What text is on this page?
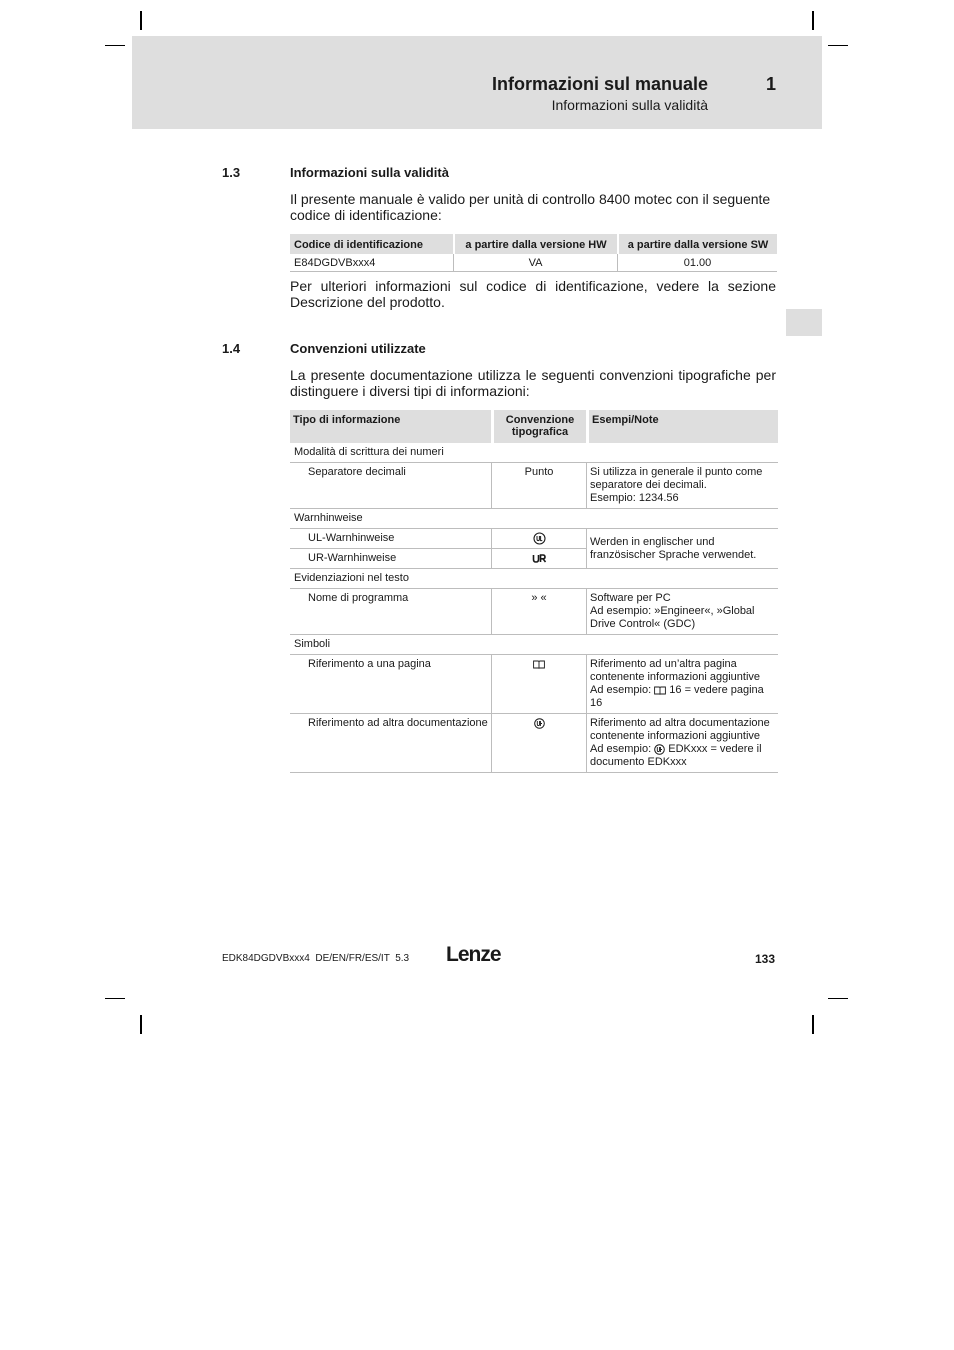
Informazioni sul manuale	1
Informazioni sulla validità
1.3	Informazioni sulla validità
Il presente manuale è valido per unità di controllo 8400 motec con il seguente codice di identificazione:
Codice di identificazione	a partire dalla versione HW	a partire dalla versione SW
E84DGDVBxxx4	VA	01.00
Per ulteriori informazioni sul codice di identificazione, vedere la sezione
Descrizione del prodotto.
1.4	Convenzioni utilizzate
La presente documentazione utilizza le seguenti convenzioni tipografiche per
distinguere i diversi tipi di informazioni:
Tipo di informazione	Convenzione tipografica	Esempi/Note
Modalità di scrittura dei numeri		
Separatore decimali	Punto	Si utilizza in generale il punto come separatore dei decimali.
Esempio: 1234.56
Warnhinweise		
UL-Warnhinweise		Werden in englischer und französischer Sprache verwendet.
UR-Warnhinweise	
Evidenziazioni nel testo		
Nome di programma	» «	Software per PC
Ad esempio: »Engineer«, »Global Drive Control« (GDC)
Simboli		
Riferimento a una pagina		Riferimento ad un’altra pagina contenente informazioni aggiuntive
Ad esempio: 16 = vedere pagina 16
Riferimento ad altra documentazione		Riferimento ad altra documentazione contenente informazioni aggiuntive
Ad esempio: EDKxxx = vedere il documento EDKxxx
EDK84DGDVBxxx4  DE/EN/FR/ES/IT  5.3 Lenze	133
